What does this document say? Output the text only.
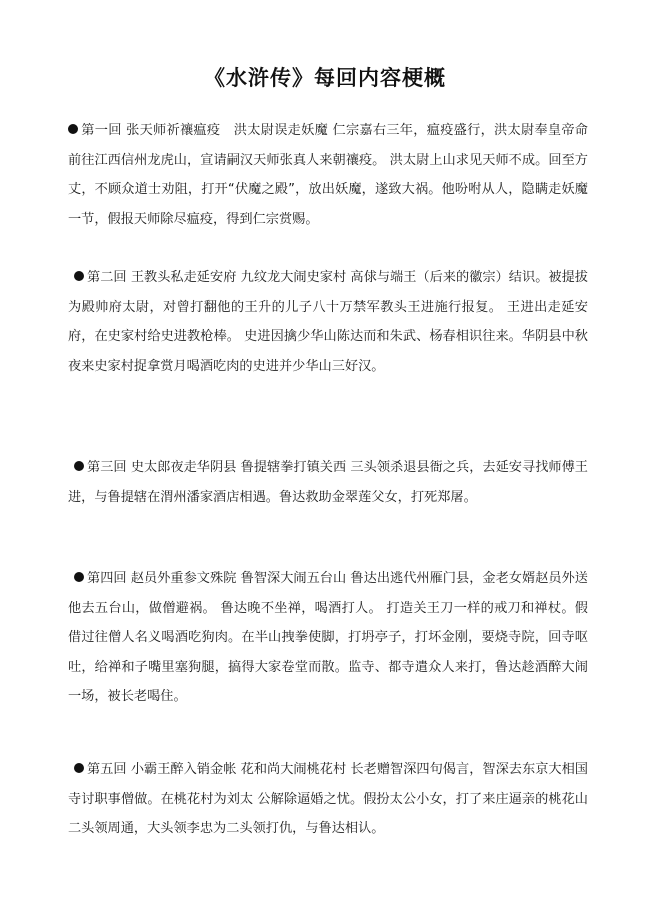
《水浒传》每回内容梗概
第一回 张天师祈禳瘟疫　洪太尉误走妖魔 仁宗嘉右三年，瘟疫盛行，洪太尉奉皇帝命前往江西信州龙虎山，宣请嗣汉天师张真人来朝禳疫。 洪太尉上山求见天师不成。回至方丈，不顾众道士劝阻，打开“伏魔之殿”，放出妖魔，遂致大祸。他吩咐从人，隐瞒走妖魔一节，假报天师除尽瘟疫，得到仁宗赏赐。
第二回 王教头私走延安府 九纹龙大闹史家村 高俅与端王（后来的徽宗）结识。被提拔为殿帅府太尉，对曾打翻他的王升的儿子八十万禁军教头王进施行报复。 王进出走延安府，在史家村给史进教枪棒。 史进因擒少华山陈达而和朱武、杨春相识往来。华阴县中秋夜来史家村捉拿赏月喝酒吃肉的史进并少华山三好汉。
第三回 史太郎夜走华阴县 鲁提辖拳打镇关西 三头领杀退县衙之兵，去延安寻找师傅王进，与鲁提辖在渭州潘家酒店相遇。鲁达救助金翠莲父女，打死郑屠。
第四回 赵员外重参文殊院 鲁智深大闹五台山 鲁达出逃代州雁门县，金老女婿赵员外送他去五台山，做僧避祸。 鲁达晚不坐禅，喝酒打人。 打造关王刀一样的戒刀和禅杖。假借过往僧人名义喝酒吃狗肉。在半山拽拳使脚，打坍亭子，打坏金刚，要烧寺院，回寺呕吐，给禅和子嘴里塞狗腿，搞得大家卷堂而散。监寺、都寺遣众人来打，鲁达趁酒醉大闹一场，被长老喝住。
第五回 小霸王醉入销金帐 花和尚大闹桃花村 长老赠智深四句偈言，智深去东京大相国寺讨职事僧做。在桃花村为刘太 公解除逼婚之忧。假扮太公小女，打了来庄逼亲的桃花山二头领周通，大头领李忠为二头领打仇，与鲁达相认。
